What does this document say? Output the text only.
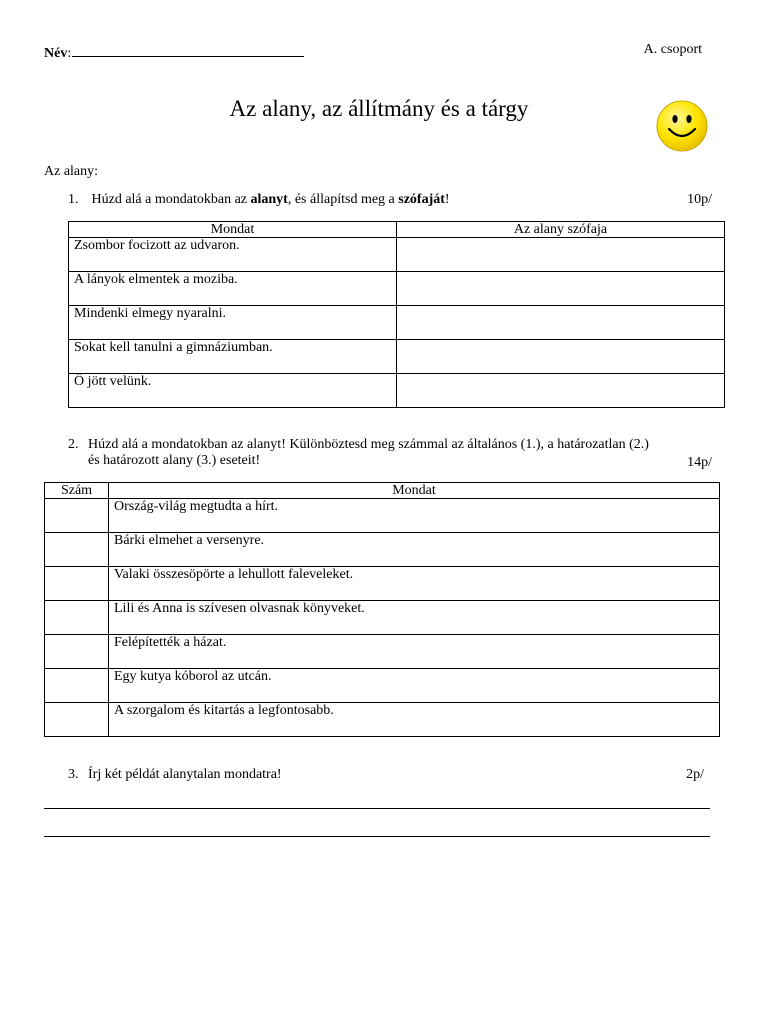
Név:	A. csoport
Az alany, az állítmány és a tárgy
Az alany:
1. Húzd alá a mondatokban az alanyt, és állapítsd meg a szófaját!	10p/
Mondat	Az alany szófaja
Zsombor focizott az udvaron.	
A lányok elmentek a moziba.	
Mindenki elmegy nyaralni.	
Sokat kell tanulni a gimnáziumban.	
Ő jött velünk.	
2. Húzd alá a mondatokban az alanyt! Különböztesd meg számmal az általános (1.), a határozatlan (2.)
és határozott alany (3.) eseteit!	14p/
Szám	Mondat
	Ország-világ megtudta a hírt.
	Bárki elmehet a versenyre.
	Valaki összesöpörte a lehullott faleveleket.
	Lili és Anna is szívesen olvasnak könyveket.
	Felépítették a házat.
	Egy kutya kóborol az utcán.
	A szorgalom és kitartás a legfontosabb.
3. Írj két példát alanytalan mondatra!	2p/
